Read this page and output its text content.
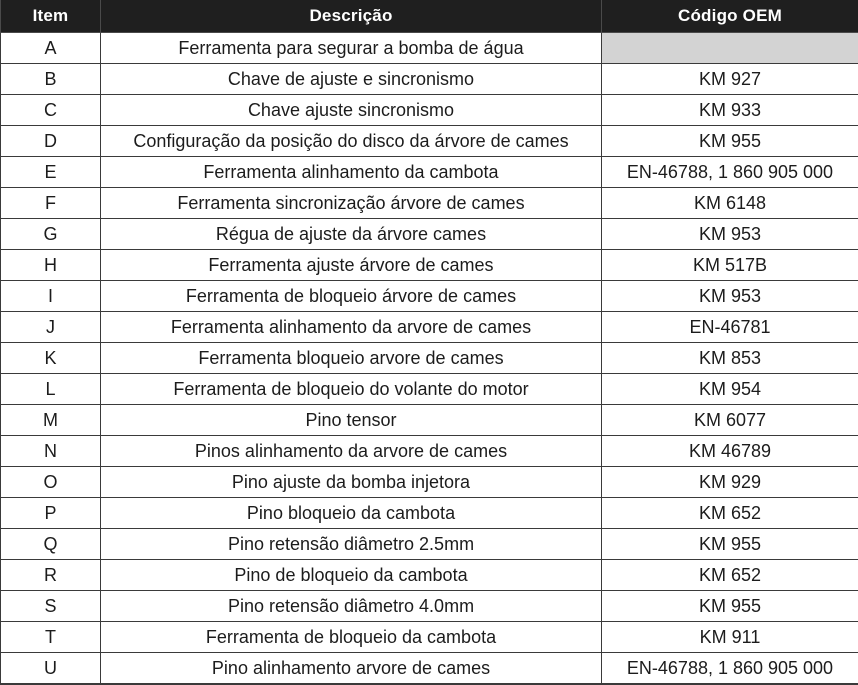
Item	Descrição	Código OEM
A	Ferramenta para segurar a bomba de água	
B	Chave de ajuste e sincronismo	KM 927
C	Chave ajuste sincronismo	KM 933
D	Configuração da posição do disco da árvore de cames	KM 955
E	Ferramenta alinhamento da cambota	EN-46788, 1 860 905 000
F	Ferramenta sincronização árvore de cames	KM 6148
G	Régua de ajuste da árvore cames	KM 953
H	Ferramenta ajuste árvore de cames	KM 517B
I	Ferramenta de bloqueio árvore de cames	KM 953
J	Ferramenta alinhamento da arvore de cames	EN-46781
K	Ferramenta bloqueio arvore de cames	KM 853
L	Ferramenta de bloqueio do volante do motor	KM 954
M	Pino tensor	KM 6077
N	Pinos alinhamento da arvore de cames	KM 46789
O	Pino ajuste da bomba injetora	KM 929
P	Pino bloqueio da cambota	KM 652
Q	Pino retensão diâmetro 2.5mm	KM 955
R	Pino de bloqueio da cambota	KM 652
S	Pino retensão diâmetro 4.0mm	KM 955
T	Ferramenta de bloqueio da cambota	KM 911
U	Pino alinhamento arvore de cames	EN-46788, 1 860 905 000
